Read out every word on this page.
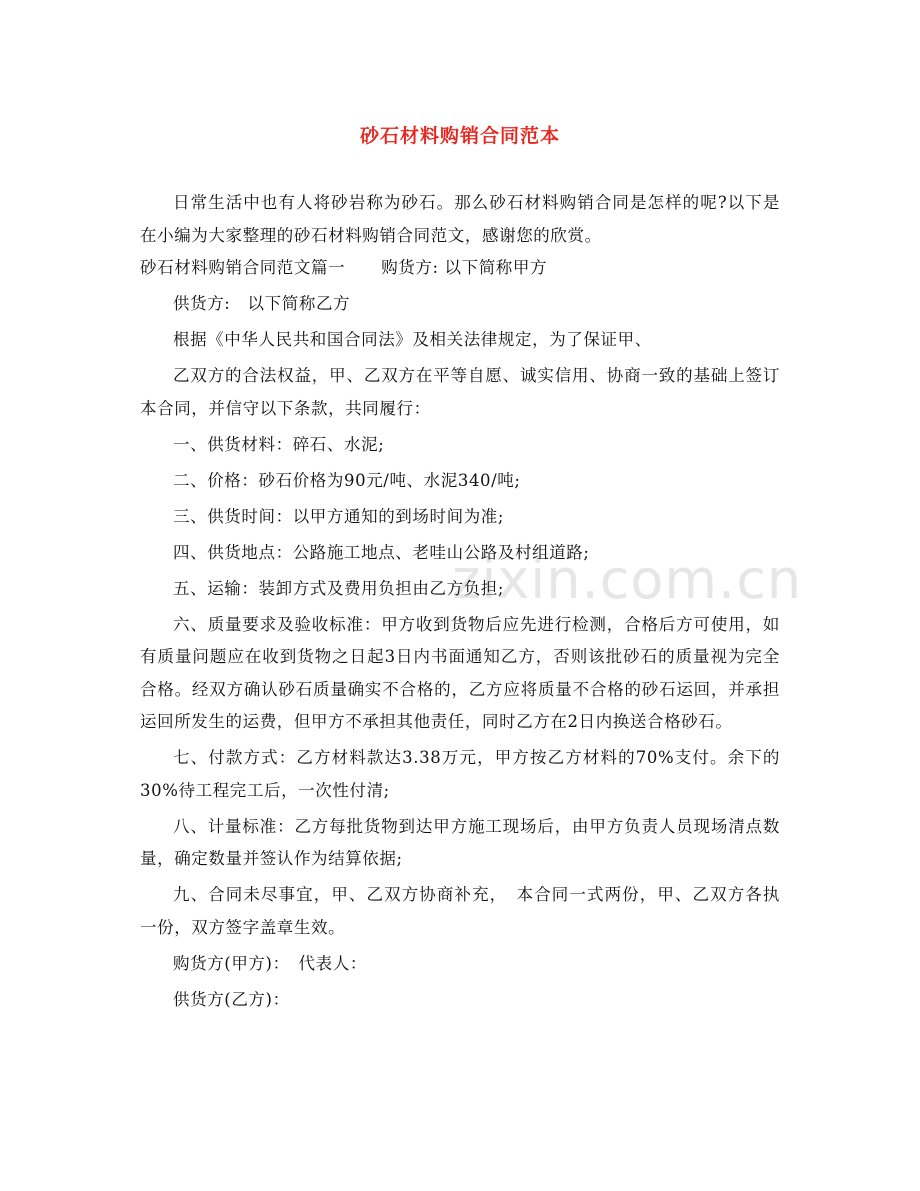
zixin.com.cn
砂石材料购销合同范本

日常生活中也有人将砂岩称为砂石。那么砂石材料购销合同是怎样的呢?以下是在小编为大家整理的砂石材料购销合同范文，感谢您的欣赏。

砂石材料购销合同范文篇一 购货方: 以下简称甲方

供货方:　以下简称乙方

根据《中华人民共和国合同法》及相关法律规定，为了保证甲、

乙双方的合法权益，甲、乙双方在平等自愿、诚实信用、协商一致的基础上签订本合同，并信守以下条款，共同履行：

一、供货材料：碎石、水泥;

二、价格：砂石价格为90元/吨、水泥340/吨;

三、供货时间：以甲方通知的到场时间为准;

四、供货地点：公路施工地点、老哇山公路及村组道路;

五、运输：装卸方式及费用负担由乙方负担;

六、质量要求及验收标准：甲方收到货物后应先进行检测，合格后方可使用，如有质量问题应在收到货物之日起3日内书面通知乙方，否则该批砂石的质量视为完全合格。经双方确认砂石质量确实不合格的，乙方应将质量不合格的砂石运回，并承担运回所发生的运费，但甲方不承担其他责任，同时乙方在2日内换送合格砂石。

七、付款方式：乙方材料款达3.38万元，甲方按乙方材料的70%支付。余下的30%待工程完工后，一次性付清;

八、计量标准：乙方每批货物到达甲方施工现场后，由甲方负责人员现场清点数量，确定数量并签认作为结算依据;

九、合同未尽事宜，甲、乙双方协商补充，　本合同一式两份，甲、乙双方各执一份，双方签字盖章生效。

购货方(甲方)：　代表人：

供货方(乙方)：
